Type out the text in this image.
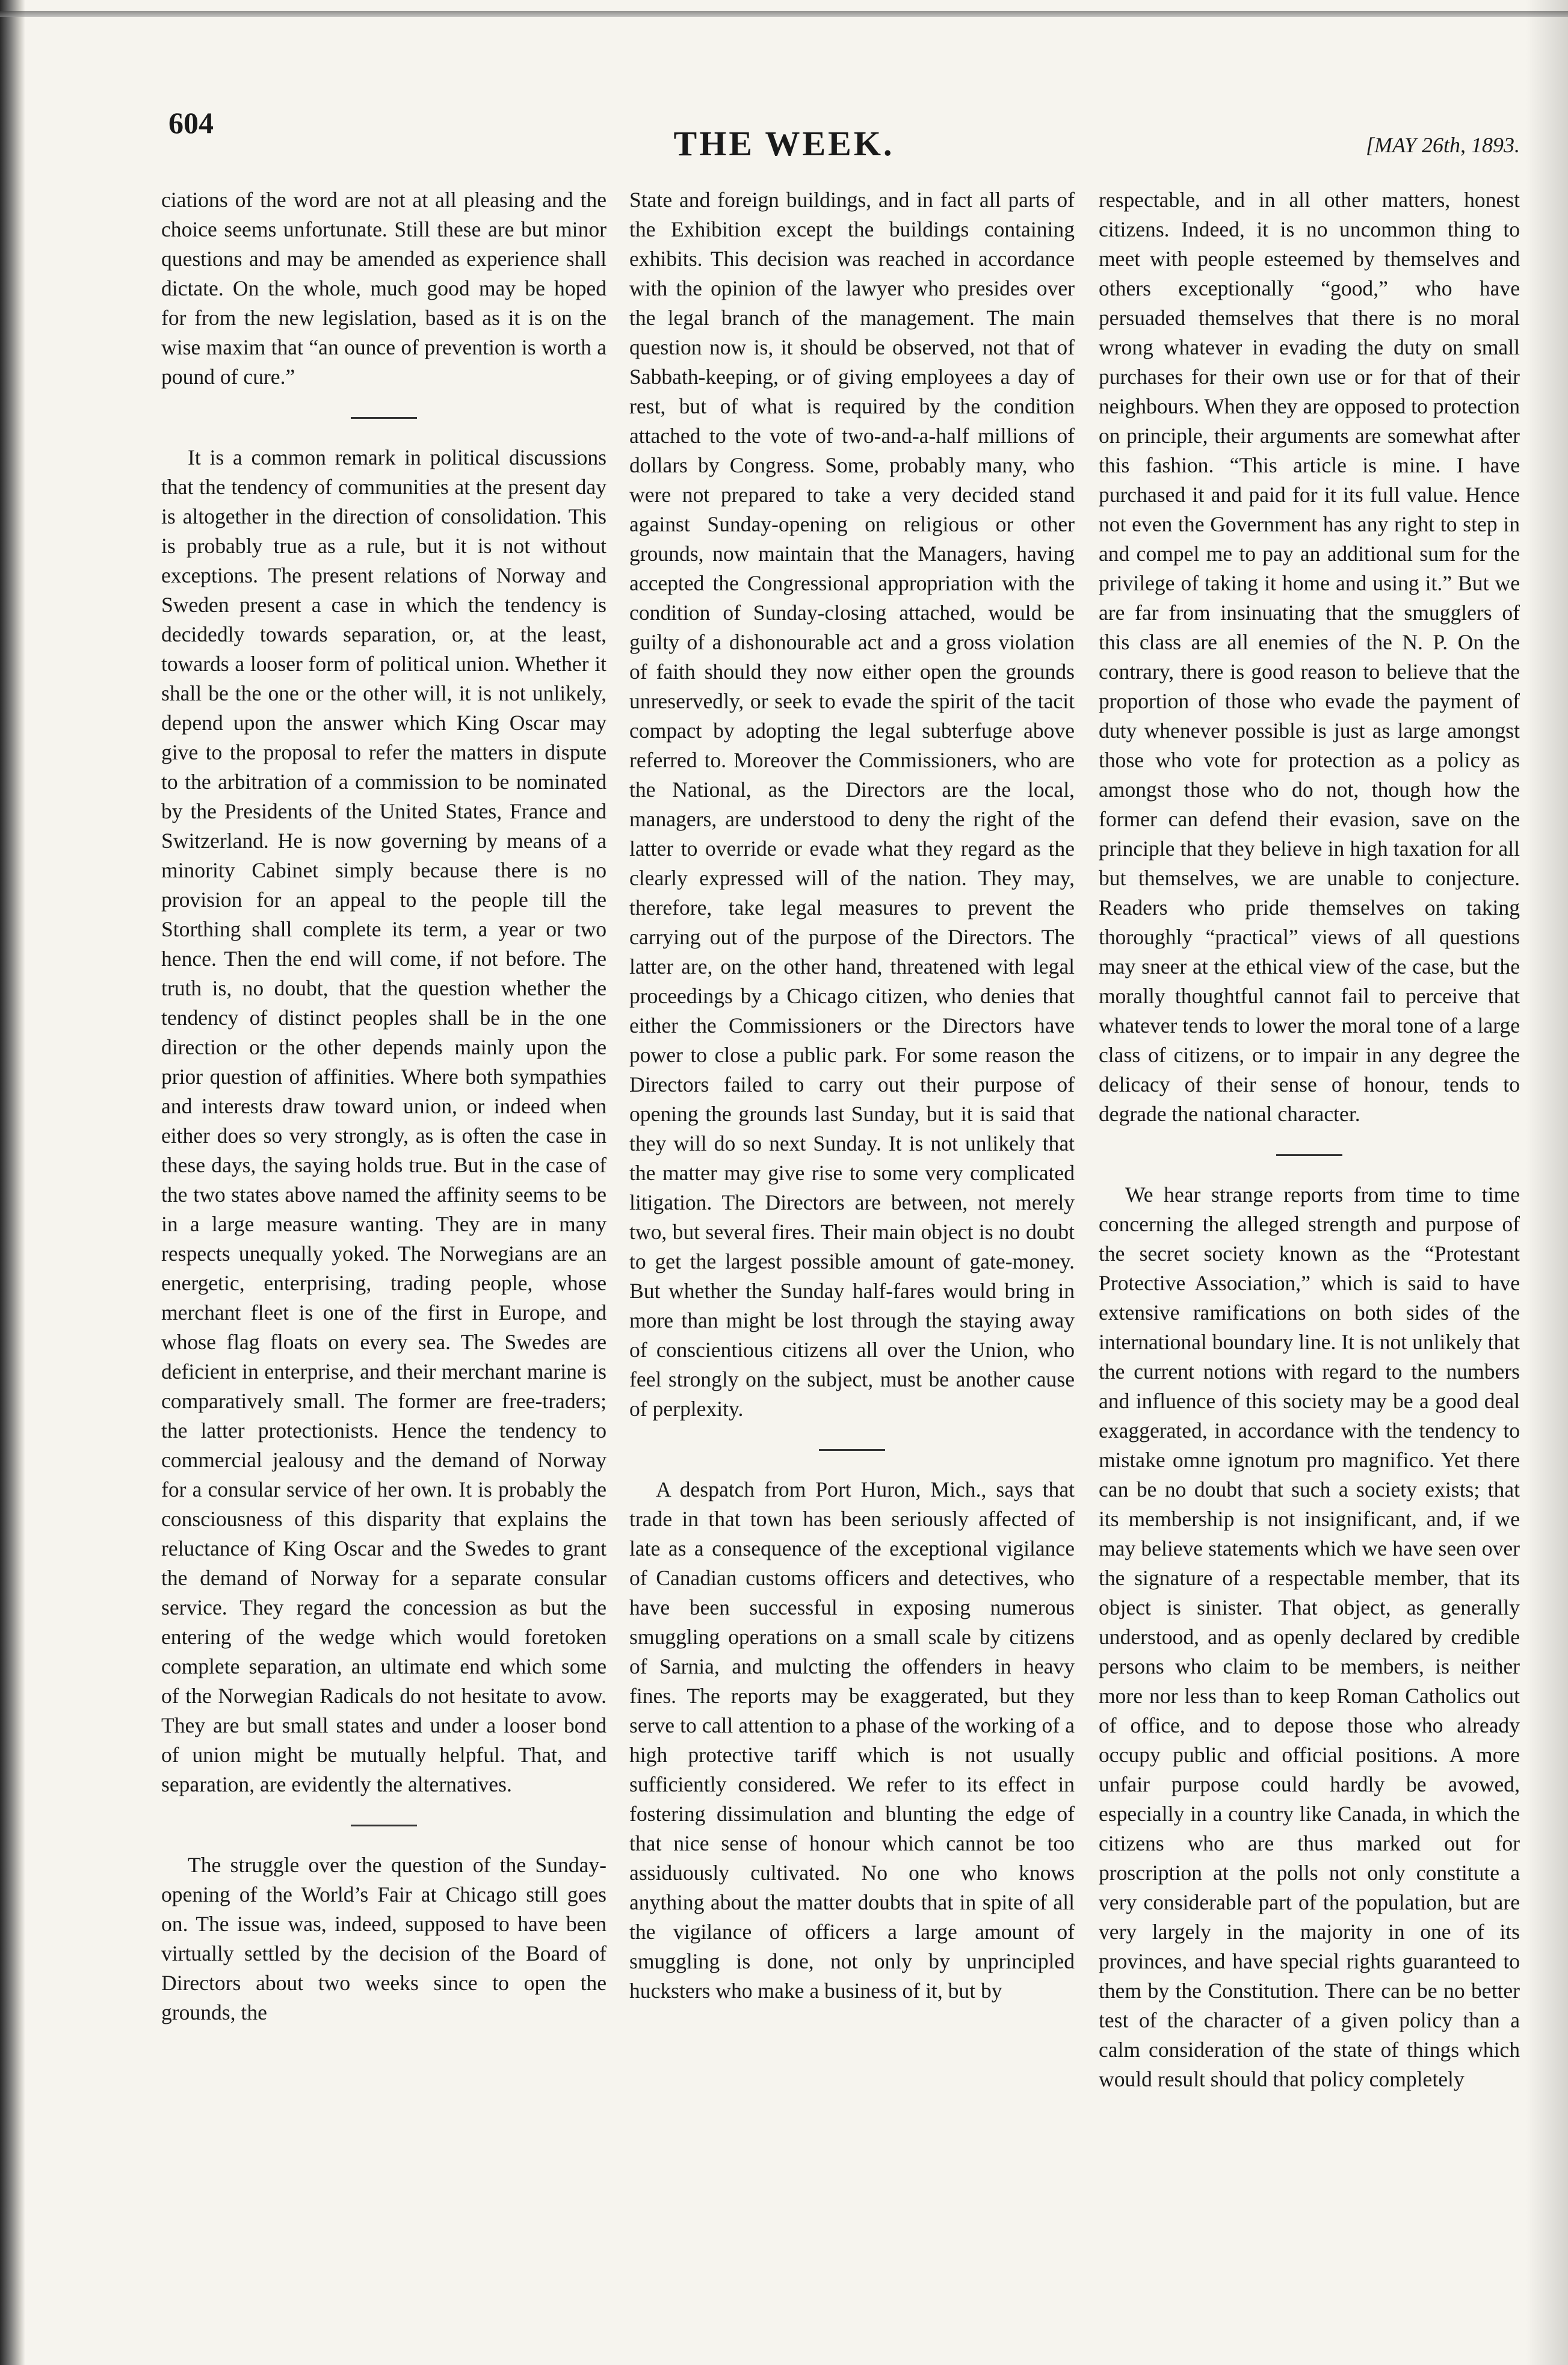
604
THE WEEK.	[MAY 26th, 1893.

ciations of the word are not at all pleasing and the choice seems unfortunate. Still these are but minor questions and may be amended as experience shall dictate. On the whole, much good may be hoped for from the new legislation, based as it is on the wise maxim that “an ounce of prevention is worth a pound of cure.”

It is a common remark in political discussions that the tendency of communities at the present day is altogether in the direction of consolidation. This is probably true as a rule, but it is not without exceptions. The present relations of Norway and Sweden present a case in which the tendency is decidedly towards separation, or, at the least, towards a looser form of political union. Whether it shall be the one or the other will, it is not unlikely, depend upon the answer which King Oscar may give to the proposal to refer the matters in dispute to the arbitration of a commission to be nominated by the Presidents of the United States, France and Switzerland. He is now governing by means of a minority Cabinet simply because there is no provision for an appeal to the people till the Storthing shall complete its term, a year or two hence. Then the end will come, if not before. The truth is, no doubt, that the question whether the tendency of distinct peoples shall be in the one direction or the other depends mainly upon the prior question of affinities. Where both sympathies and interests draw toward union, or indeed when either does so very strongly, as is often the case in these days, the saying holds true. But in the case of the two states above named the affinity seems to be in a large measure wanting. They are in many respects unequally yoked. The Norwegians are an energetic, enterprising, trading people, whose merchant fleet is one of the first in Europe, and whose flag floats on every sea. The Swedes are deficient in enterprise, and their merchant marine is comparatively small. The former are free-traders; the latter protectionists. Hence the tendency to commercial jealousy and the demand of Norway for a consular service of her own. It is probably the consciousness of this disparity that explains the reluctance of King Oscar and the Swedes to grant the demand of Norway for a separate consular service. They regard the concession as but the entering of the wedge which would foretoken complete separation, an ultimate end which some of the Norwegian Radicals do not hesitate to avow. They are but small states and under a looser bond of union might be mutually helpful. That, and separation, are evidently the alternatives.

The struggle over the question of the Sunday-opening of the World’s Fair at Chicago still goes on. The issue was, indeed, supposed to have been virtually settled by the decision of the Board of Directors about two weeks since to open the grounds, the

State and foreign buildings, and in fact all parts of the Exhibition except the buildings containing exhibits. This decision was reached in accordance with the opinion of the lawyer who presides over the legal branch of the management. The main question now is, it should be observed, not that of Sabbath-keeping, or of giving employees a day of rest, but of what is required by the condition attached to the vote of two-and-a-half millions of dollars by Congress. Some, probably many, who were not prepared to take a very decided stand against Sunday-opening on religious or other grounds, now maintain that the Managers, having accepted the Congressional appropriation with the condition of Sunday-closing attached, would be guilty of a dishonourable act and a gross violation of faith should they now either open the grounds unreservedly, or seek to evade the spirit of the tacit compact by adopting the legal subterfuge above referred to. Moreover the Commissioners, who are the National, as the Directors are the local, managers, are understood to deny the right of the latter to override or evade what they regard as the clearly expressed will of the nation. They may, therefore, take legal measures to prevent the carrying out of the purpose of the Directors. The latter are, on the other hand, threatened with legal proceedings by a Chicago citizen, who denies that either the Commissioners or the Directors have power to close a public park. For some reason the Directors failed to carry out their purpose of opening the grounds last Sunday, but it is said that they will do so next Sunday. It is not unlikely that the matter may give rise to some very complicated litigation. The Directors are between, not merely two, but several fires. Their main object is no doubt to get the largest possible amount of gate-money. But whether the Sunday half-fares would bring in more than might be lost through the staying away of conscientious citizens all over the Union, who feel strongly on the subject, must be another cause of perplexity.

A despatch from Port Huron, Mich., says that trade in that town has been seriously affected of late as a consequence of the exceptional vigilance of Canadian customs officers and detectives, who have been successful in exposing numerous smuggling operations on a small scale by citizens of Sarnia, and mulcting the offenders in heavy fines. The reports may be exaggerated, but they serve to call attention to a phase of the working of a high protective tariff which is not usually sufficiently considered. We refer to its effect in fostering dissimulation and blunting the edge of that nice sense of honour which cannot be too assiduously cultivated. No one who knows anything about the matter doubts that in spite of all the vigilance of officers a large amount of smuggling is done, not only by unprincipled hucksters who make a business of it, but by

respectable, and in all other matters, honest citizens. Indeed, it is no uncommon thing to meet with people esteemed by themselves and others exceptionally “good,” who have persuaded themselves that there is no moral wrong whatever in evading the duty on small purchases for their own use or for that of their neighbours. When they are opposed to protection on principle, their arguments are somewhat after this fashion. “This article is mine. I have purchased it and paid for it its full value. Hence not even the Government has any right to step in and compel me to pay an additional sum for the privilege of taking it home and using it.” But we are far from insinuating that the smugglers of this class are all enemies of the N. P. On the contrary, there is good reason to believe that the proportion of those who evade the payment of duty whenever possible is just as large amongst those who vote for protection as a policy as amongst those who do not, though how the former can defend their evasion, save on the principle that they believe in high taxation for all but themselves, we are unable to conjecture. Readers who pride themselves on taking thoroughly “practical” views of all questions may sneer at the ethical view of the case, but the morally thoughtful cannot fail to perceive that whatever tends to lower the moral tone of a large class of citizens, or to impair in any degree the delicacy of their sense of honour, tends to degrade the national character.

We hear strange reports from time to time concerning the alleged strength and purpose of the secret society known as the “Protestant Protective Association,” which is said to have extensive ramifications on both sides of the international boundary line. It is not unlikely that the current notions with regard to the numbers and influence of this society may be a good deal exaggerated, in accordance with the tendency to mistake omne ignotum pro magnifico. Yet there can be no doubt that such a society exists; that its membership is not insignificant, and, if we may believe statements which we have seen over the signature of a respectable member, that its object is sinister. That object, as generally understood, and as openly declared by credible persons who claim to be members, is neither more nor less than to keep Roman Catholics out of office, and to depose those who already occupy public and official positions. A more unfair purpose could hardly be avowed, especially in a country like Canada, in which the citizens who are thus marked out for proscription at the polls not only constitute a very considerable part of the population, but are very largely in the majority in one of its provinces, and have special rights guaranteed to them by the Constitution. There can be no better test of the character of a given policy than a calm consideration of the state of things which would result should that policy completely
